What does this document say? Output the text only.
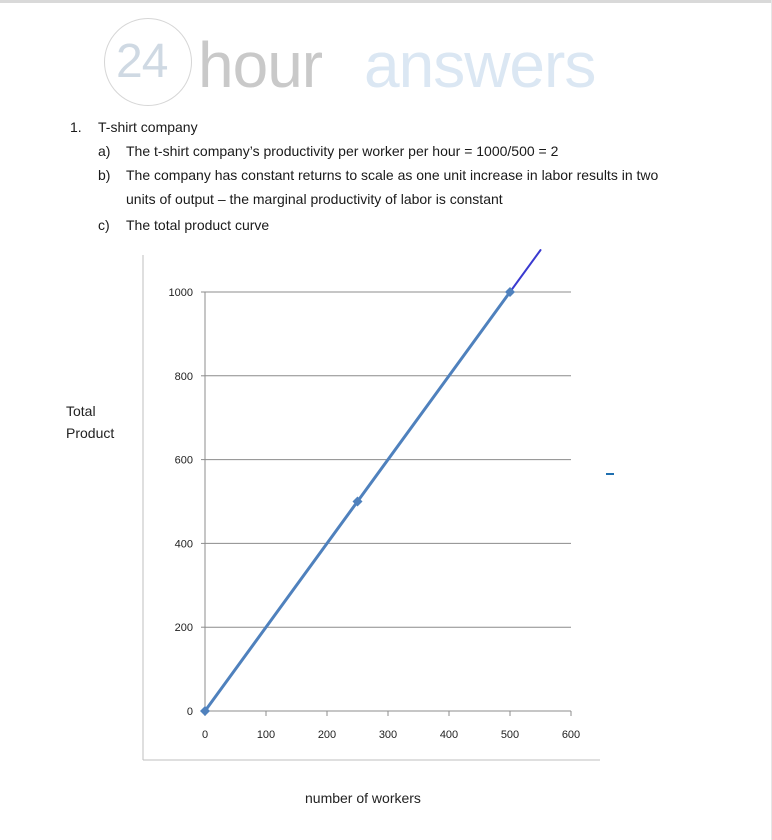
24 hour answers
1. T-shirt company
a) The t-shirt company’s productivity per worker per hour = 1000/500 = 2
b) The company has constant returns to scale as one unit increase in labor results in two
units of output – the marginal productivity of labor is constant
c) The total product curve
0
200
400
600
800
1000
0	100	200	300	400	500	600
Total
Product
number of workers
